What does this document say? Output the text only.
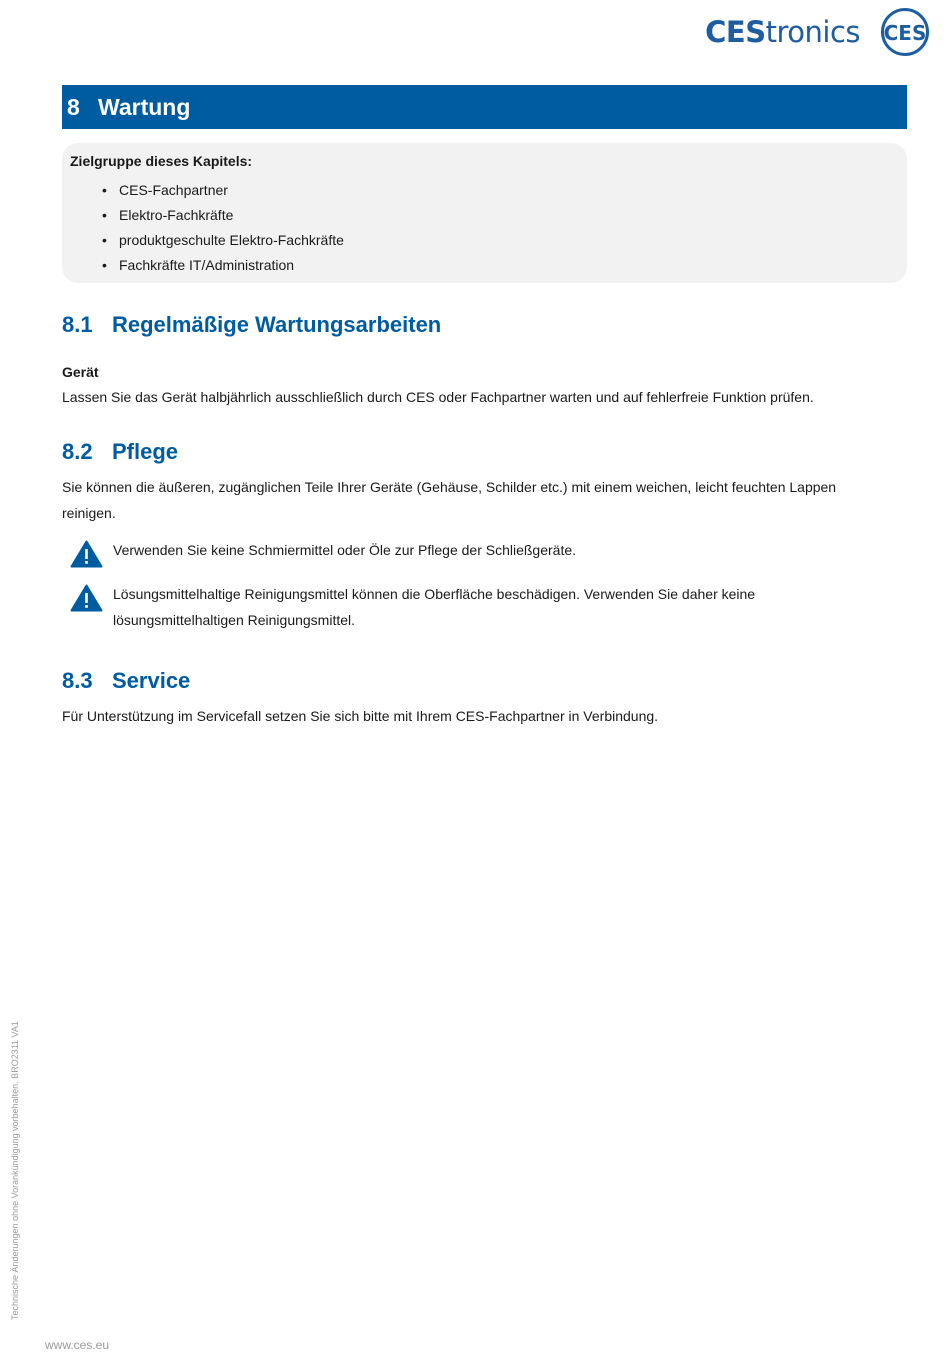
CEStronics CES
8 Wartung

Zielgruppe dieses Kapitels:

• CES-Fachpartner
• Elektro-Fachkräfte
• produktgeschulte Elektro-Fachkräfte
• Fachkräfte IT/Administration
8.1 Regelmäßige Wartungsarbeiten

Gerät

Lassen Sie das Gerät halbjährlich ausschließlich durch CES oder Fachpartner warten und auf fehlerfreie Funktion prüfen.

8.2 Pflege

Sie können die äußeren, zugänglichen Teile Ihrer Geräte (Gehäuse, Schilder etc.) mit einem weichen, leicht feuchten Lappen reinigen.

Verwenden Sie keine Schmiermittel oder Öle zur Pflege der Schließgeräte.
Lösungsmittelhaltige Reinigungsmittel können die Oberfläche beschädigen. Verwenden Sie daher keine lösungsmittelhaltigen Reinigungsmittel.
8.3 Service

Für Unterstützung im Servicefall setzen Sie sich bitte mit Ihrem CES-Fachpartner in Verbindung.

Technische Änderungen ohne Vorankündigung vorbehalten. BRO2311 VA1
www.ces.eu
